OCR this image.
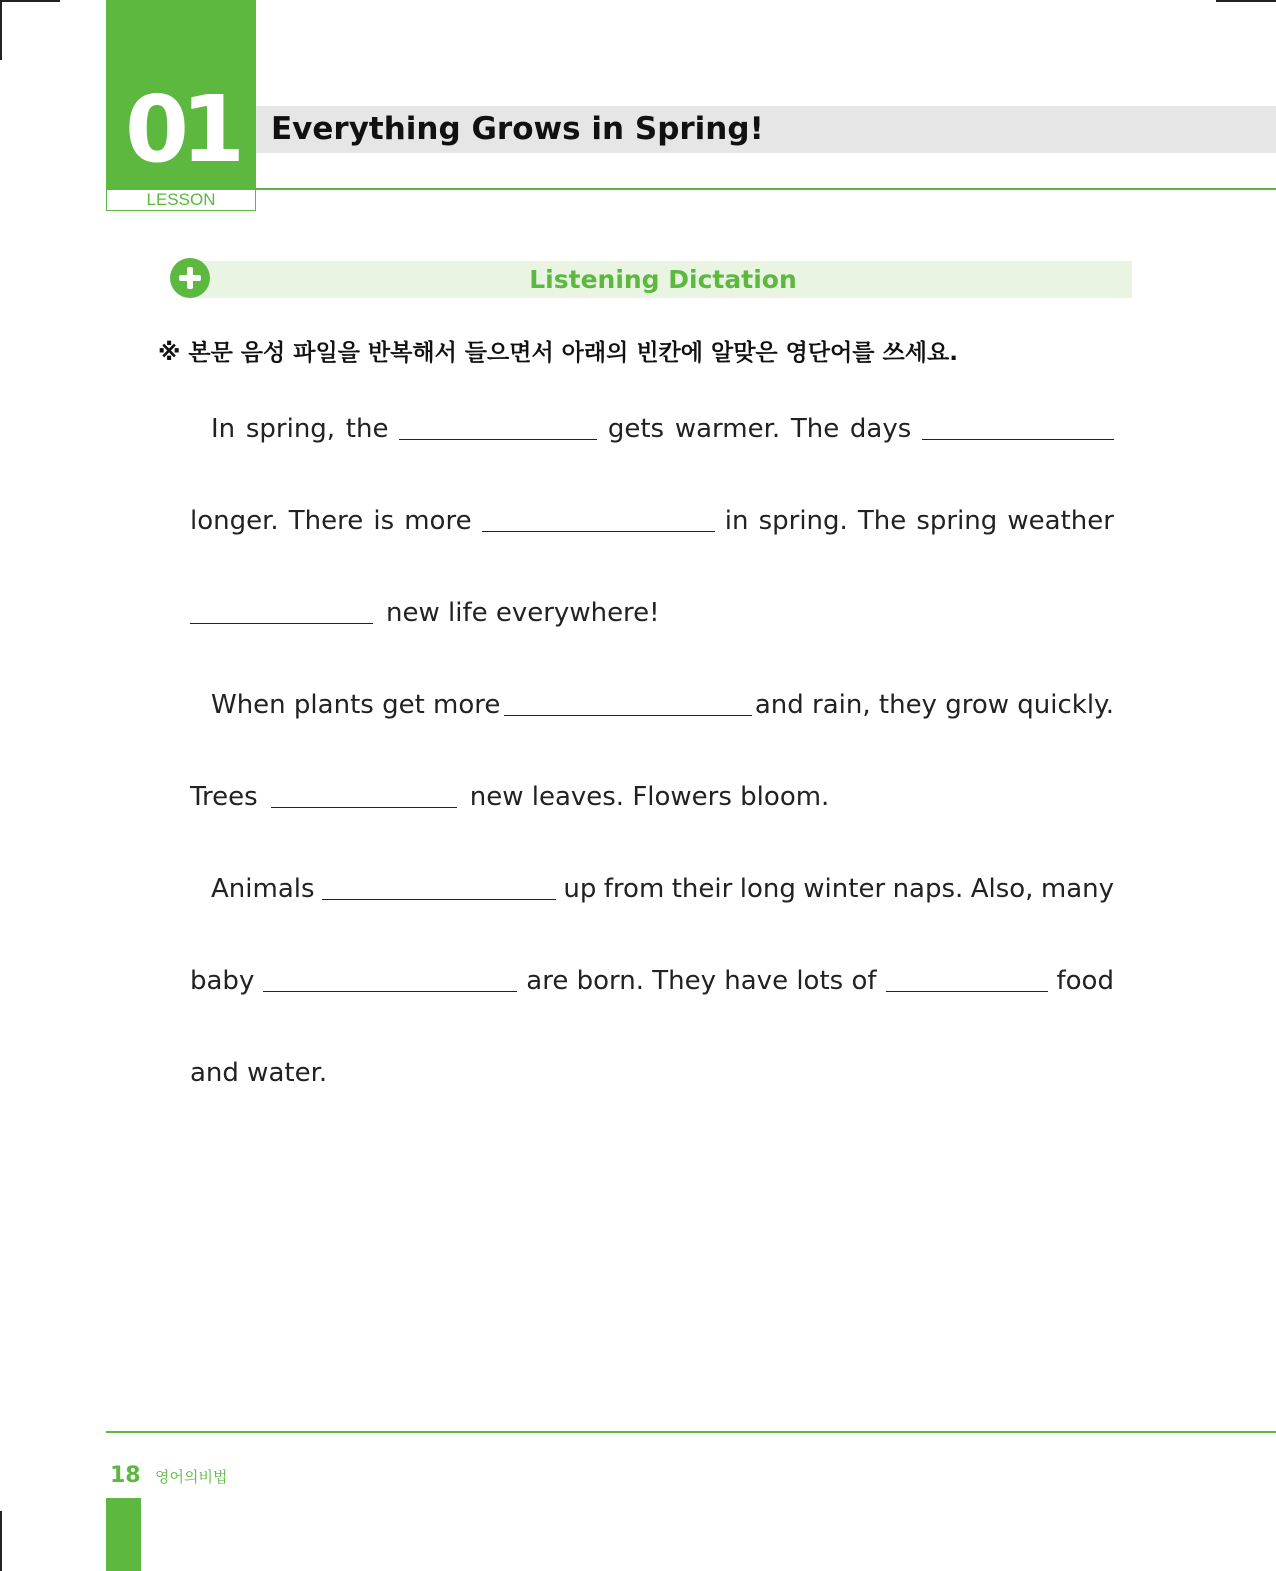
01
LESSON
Everything Grows in Spring!
Listening Dictation
※ 본문 음성 파일을 반복해서 들으면서 아래의 빈칸에 알맞은 영단어를 쓰세요.
In spring, the	gets warmer. The days
longer. There is more	in spring. The spring weather
new life everywhere!
When plants get more	and rain, they grow quickly.
Trees	new leaves. Flowers bloom.
Animals	up from their long winter naps. Also, many
baby	are born. They have lots of	food
and water.
18 영어의비법
